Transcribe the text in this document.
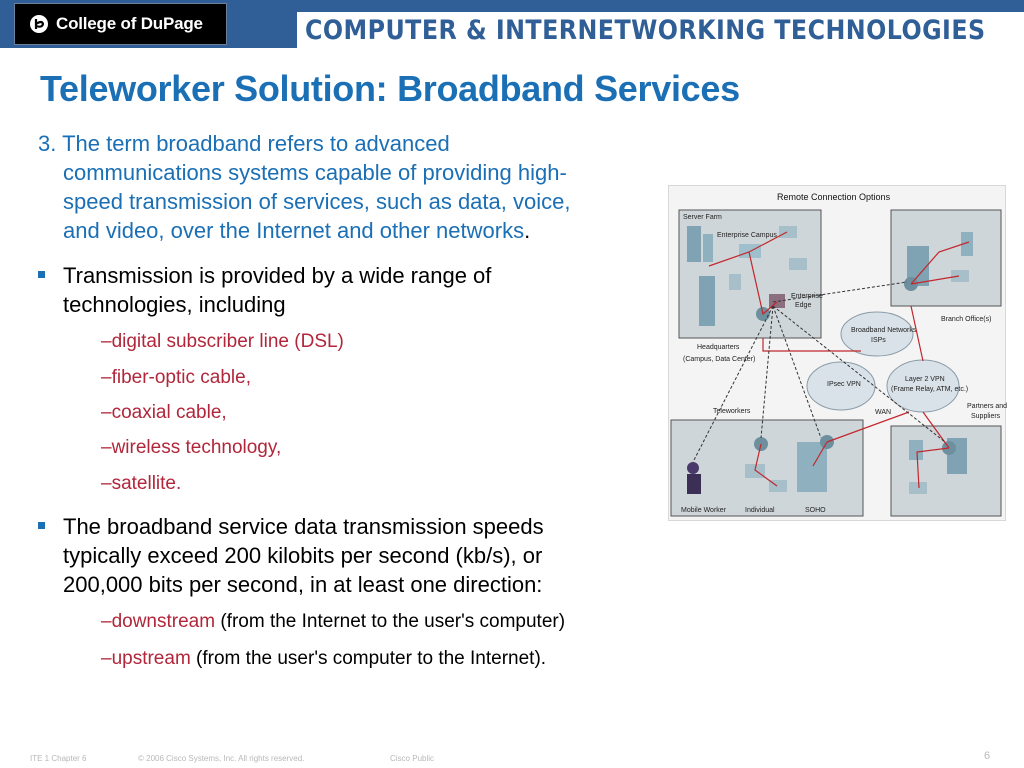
College of DuPage	COMPUTER & INTERNETWORKING TECHNOLOGIES
Teleworker Solution: Broadband Services
3. The term broadband refers to advanced
communications systems capable of providing high-
speed transmission of services, such as data, voice,
and video, over the Internet and other networks.
Transmission is provided by a wide range of
technologies, including
–digital subscriber line (DSL)
–fiber-optic cable,
–coaxial cable,
–wireless technology,
–satellite.
The broadband service data transmission speeds
typically exceed 200 kilobits per second (kb/s), or
200,000 bits per second, in at least one direction:
–downstream (from the Internet to the user's computer)
–upstream (from the user's computer to the Internet).
Remote Connection Options
Server Farm
Enterprise Campus
Enterprise
Edge
Headquarters
(Campus, Data Center)
Branch Office(s)
Broadband Networks
ISPs
IPsec VPN
Layer 2 VPN
(Frame Relay, ATM, etc.)
WAN
Partners and
Suppliers
Teleworkers
Mobile Worker	Individual	SOHO
ITE 1 Chapter 6	© 2006 Cisco Systems, Inc. All rights reserved.	Cisco Public	6
